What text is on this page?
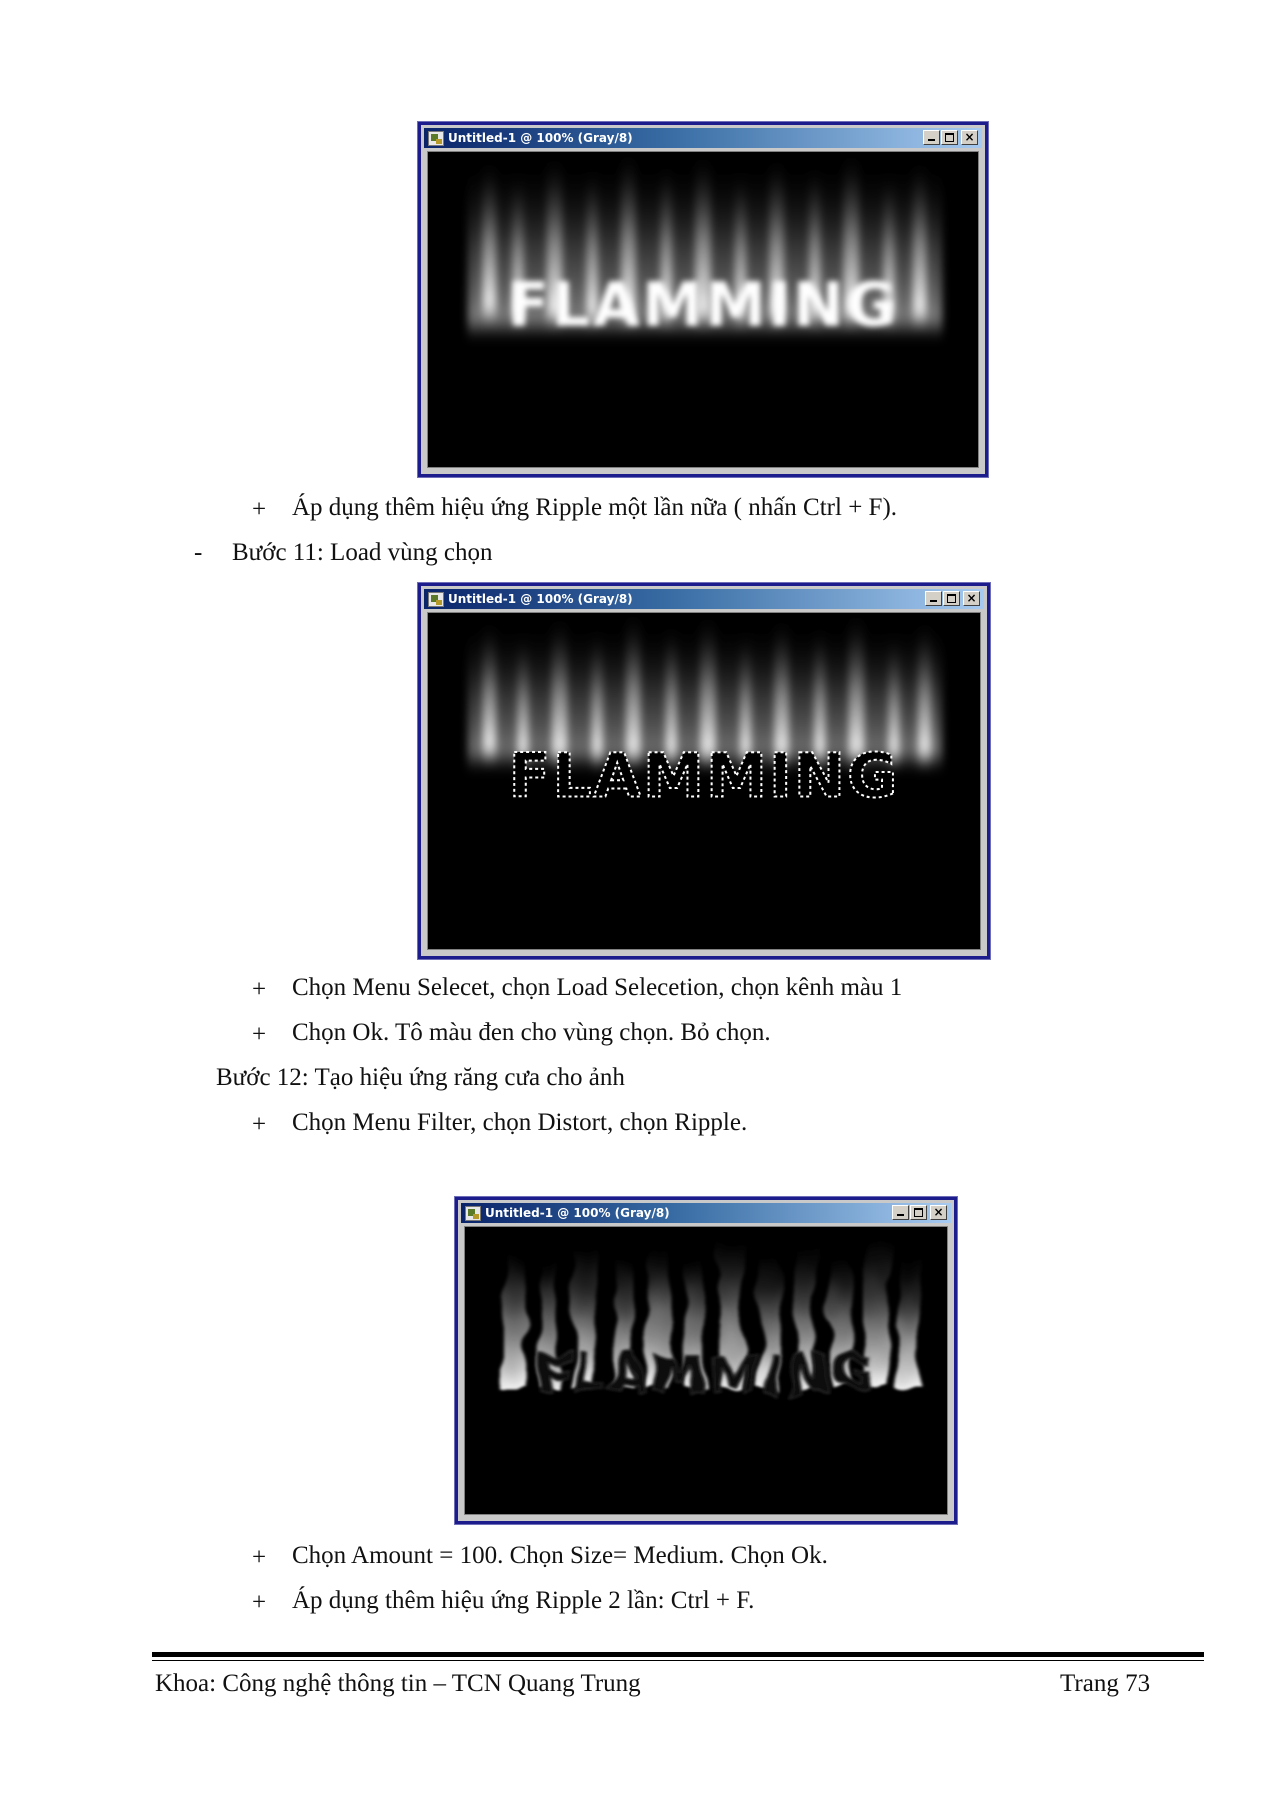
Untitled-1 @ 100% (Gray/8)	×
FLAMMING
+ Áp dụng thêm hiệu ứng Ripple một lần nữa ( nhấn Ctrl + F).
- Bước 11: Load vùng chọn
Untitled-1 @ 100% (Gray/8)	×
FLAMMING
+ Chọn Menu Selecet, chọn Load Selecetion, chọn kênh màu 1
+ Chọn Ok. Tô màu đen cho vùng chọn. Bỏ chọn.
Bước 12: Tạo hiệu ứng răng cưa cho ảnh
+ Chọn Menu Filter, chọn Distort, chọn Ripple.
Untitled-1 @ 100% (Gray/8)	×
FLAMMING
+ Chọn Amount = 100. Chọn Size= Medium. Chọn Ok.
+ Áp dụng thêm hiệu ứng Ripple 2 lần: Ctrl + F.
Khoa: Công nghệ thông tin – TCN Quang Trung	Trang 73
